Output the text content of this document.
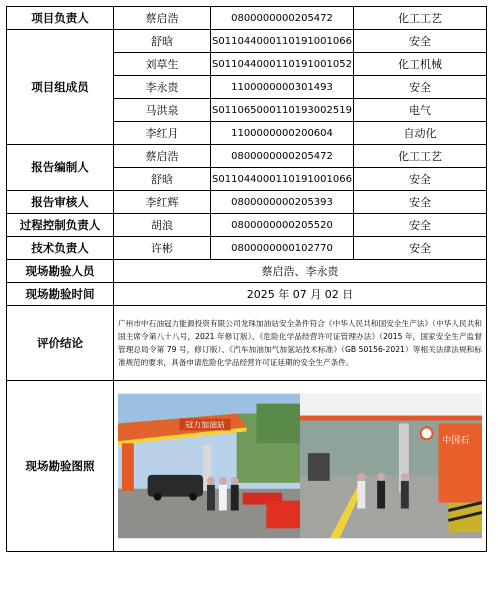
项目负责人	蔡启浩	0800000000205472	化工工艺
项目组成员	舒晗	S011044000110191001066	安全
	刘草生	S011044000110191001052	化工机械
	李永贵	1100000000301493	安全
	马洪泉	S011065000110193002519	电气
	李红月	1100000000200604	自动化
报告编制人	蔡启浩	0800000000205472	化工工艺
	舒晗	S011044000110191001066	安全
报告审核人	李红辉	0800000000205393	安全
过程控制负责人	胡浪	0800000000205520	安全
技术负责人	许彬	0800000000102770	安全
现场勘验人员	蔡启浩、李永贵		
现场勘验时间	2025 年 07 月 02 日		
评价结论	广州市中石油冠力能源投资有限公司龙珠加油站安全条件符合《中华人民共和国安全生产法》（中华人民共和国主席令第八十八号，2021 年修订版）、《危险化学品经营许可证管理办法》（2015 年，国家安全生产监督管理总局令第 79 号，修订版）、《汽车加油加气加氢站技术标准》（GB 50156-2021）等相关法律法规和标准规范的要求，具备申请危险化学品经营许可证延期的安全生产条件。		
现场勘验图照	冠力加油站
中国石		
